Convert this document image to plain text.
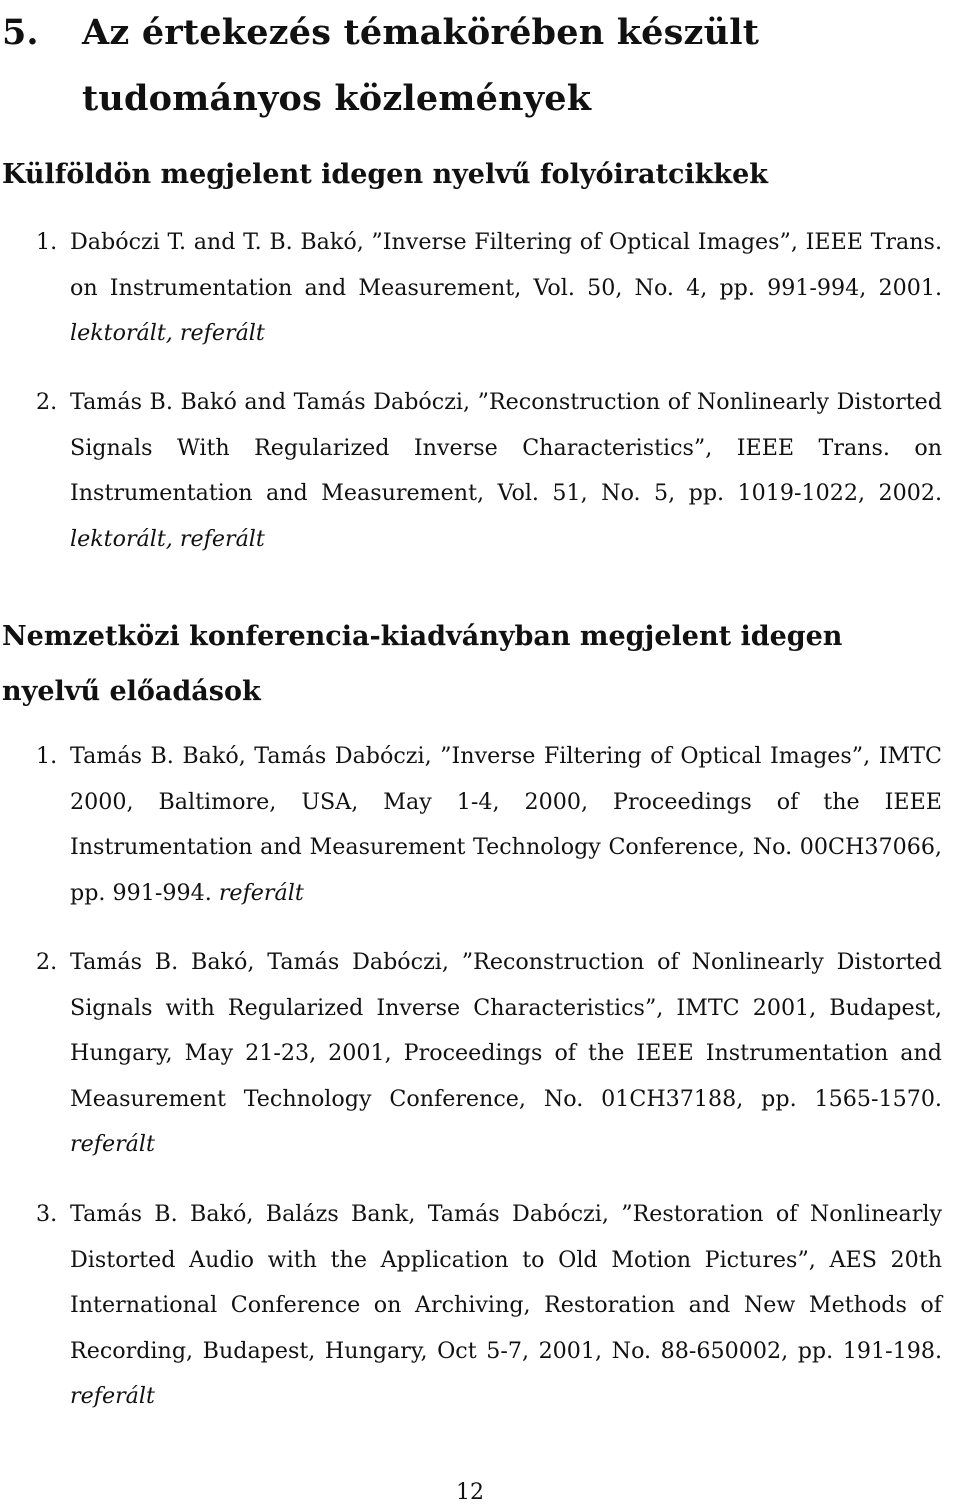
5. Az értekezés témakörében készült tudományos közlemények
Külföldön megjelent idegen nyelvű folyóiratcikkek
1. Dabóczi T. and T. B. Bakó, ”Inverse Filtering of Optical Images”, IEEE Trans. on Instrumentation and Measurement, Vol. 50, No. 4, pp. 991-994, 2001. lektorált, referált
2. Tamás B. Bakó and Tamás Dabóczi, ”Reconstruction of Nonlinearly Distorted Signals With Regularized Inverse Characteristics”, IEEE Trans. on Instrumentation and Measurement, Vol. 51, No. 5, pp. 1019-1022, 2002. lektorált, referált
Nemzetközi konferencia-kiadványban megjelent idegen nyelvű előadások
1. Tamás B. Bakó, Tamás Dabóczi, ”Inverse Filtering of Optical Images”, IMTC 2000, Baltimore, USA, May 1-4, 2000, Proceedings of the IEEE Instrumentation and Measurement Technology Conference, No. 00CH37066, pp. 991-994. referált
2. Tamás B. Bakó, Tamás Dabóczi, ”Reconstruction of Nonlinearly Distorted Signals with Regularized Inverse Characteristics”, IMTC 2001, Budapest, Hungary, May 21-23, 2001, Proceedings of the IEEE Instrumentation and Measurement Technology Conference, No. 01CH37188, pp. 1565-1570. referált
3. Tamás B. Bakó, Balázs Bank, Tamás Dabóczi, ”Restoration of Nonlinearly Distorted Audio with the Application to Old Motion Pictures”, AES 20th International Conference on Archiving, Restoration and New Methods of Recording, Budapest, Hungary, Oct 5-7, 2001, No. 88-650002, pp. 191-198. referált
12
